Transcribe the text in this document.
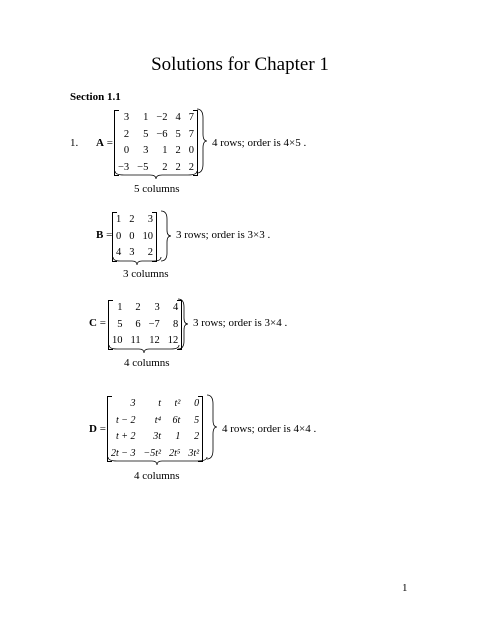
Solutions for Chapter 1
Section 1.1
1. A =
3	1	−2	4	7
2	5	−6	5	7
0	3	1	2	0
−3	−5	2	2	2
4 rows; order is 4×5 .
5 columns
B =
1	2	3
0	0	10
4	3	2
3 rows; order is 3×3 .
3 columns
C =
1	2	3	4
5	6	−7	8
10	11	12	12
3 rows; order is 3×4 .
4 columns
D =
3	t	t²	0
t − 2	t⁴	6t	5
t + 2	3t	1	2
2t − 3	−5t²	2t⁵	3t²
4 rows; order is 4×4 .
4 columns
1
